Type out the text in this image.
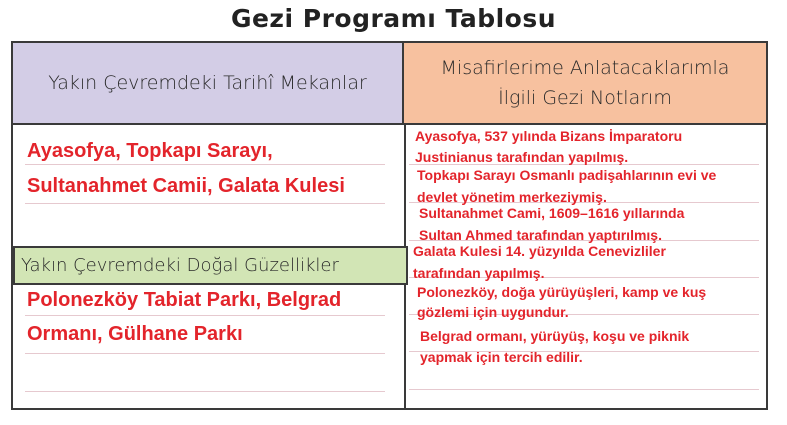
Gezi Programı Tablosu
Yakın Çevremdeki Tarihî Mekanlar
Misafirlerime Anlatacaklarımla
İlgili Gezi Notlarım
Yakın Çevremdeki Doğal Güzellikler
Ayasofya, Topkapı Sarayı,
Sultanahmet Camii, Galata Kulesi
Polonezköy Tabiat Parkı, Belgrad
Ormanı, Gülhane Parkı
Ayasofya, 537 yılında Bizans İmparatoru
Justinianus tarafından yapılmış.
Topkapı Sarayı Osmanlı padişahlarının evi ve
devlet yönetim merkeziymiş.
Sultanahmet Cami, 1609–1616 yıllarında
Sultan Ahmed tarafından yaptırılmış.
Galata Kulesi 14. yüzyılda Cenevizliler
tarafından yapılmış.
Polonezköy, doğa yürüyüşleri, kamp ve kuş
gözlemi için uygundur.
Belgrad ormanı, yürüyüş, koşu ve piknik
yapmak için tercih edilir.
